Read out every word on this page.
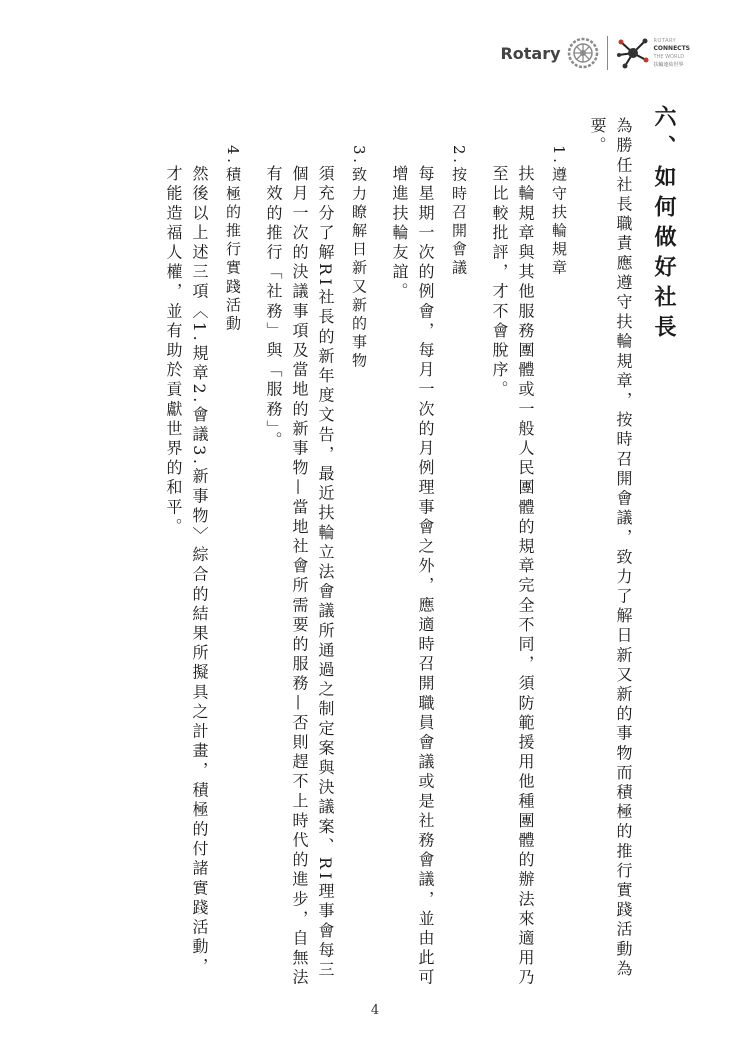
Rotary
ROTARY
CONNECTS
THE WORLD
扶輪連結世界

六、如何做好社長

為勝任社長職責應遵守扶輪規章，按時召開會議，致力了解日新又新的事物而積極的推行實踐活動為要。

1.遵守扶輪規章

扶輪規章與其他服務團體或一般人民團體的規章完全不同，須防範援用他種團體的辦法來適用乃至比較批評，才不會脫序。

2.按時召開會議

每星期一次的例會，每月一次的月例理事會之外，應適時召開職員會議或是社務會議，並由此可增進扶輪友誼。

3.致力瞭解日新又新的事物

須充分了解RI社長的新年度文告，最近扶輪立法會議所通過之制定案與決議案、RI理事會每三個月一次的決議事項及當地的新事物—當地社會所需要的服務—否則趕不上時代的進步，自無法有效的推行「社務」與「服務」。

4.積極的推行實踐活動

然後以上述三項〈1.規章2.會議3.新事物〉綜合的結果所擬具之計畫，積極的付諸實踐活動，才能造福人權，並有助於貢獻世界的和平。

4
